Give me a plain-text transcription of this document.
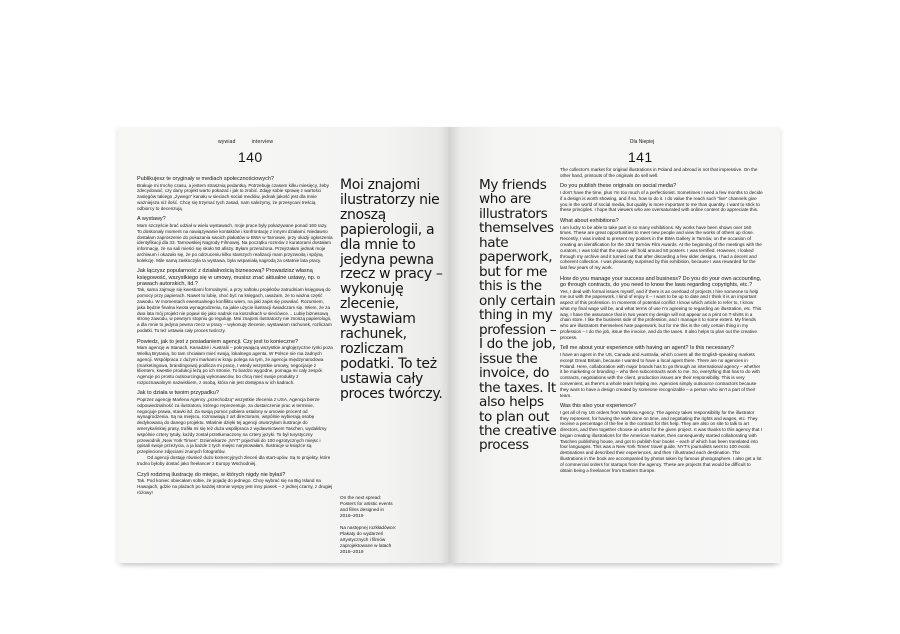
wywiad	interview
140
Publikujesz te oryginały w mediach społecznościowych?

Brakuje mi trochę czasu, a jestem strasznią pedantką. Potrzebuję czasem kilku miesięcy, żeby zdecydować, czy dany projekt warto pokazać i jak to zrobić. Zdaję sobie sprawę z wartości zasięgów takiego „żywego” kanału w sieciach social mediów, jednak jakość jest dla mnie ważniejsza niż ilość. Chcę się trzymać tych zasad, nam należymy, że przesycani treścią odbiorcy to decenzują.

A wystawy?

Mam szczęście brać udział w wielu wystawach, moje prace były pokazywane ponad 160 razy. To doskonały moment na nawiązywanie kontaktów i konfrontację z innymi działami. Niedawno dostałam zaproszenie do pokazania swoich plakatów w BWA w Tarnowie, przy okazji ogłoszenia identyfikacji dla 33. Tarnowskiej Nagrody Filmowej. Na początku rozmów z kuratorami dostałam informację, że na sali mieści się około 50 afiszy. Byłam przerażona. Przejrzałam jednak moje archiwum i okazało się, że po odrzuceniu kilku starszych realizacji mam przyzwoitą i spójną kolekcję. Mile samą zaskoczyła ta wystawa, była wspaniałą nagrodą za ostatnie lata pracy.

Jak łączysz popularność z działalnością biznesową? Prowadzisz własną księgowość, wszystkiego się w umowy, musisz znać aktualne ustawy, np. o prawach autorskich, itd.?

Tak, sama zajmuję się kwestiami formalnymi, a przy naftoku projektów zatrudniam księgową do pomocy przy papierach. Nawet to lubię, choć być na księgach, uważam, że to ważna część zawodu. W momentach ewentualnego konfliktu wiem, na jaki zapis się powołać. Rozumiem, jaka będzie finalna kwota wynagrodzenia, na jakie użycie ilustracji świadczam się. Wiem, że za dwa lata mój projekt nie pojawi się jako nadruk na koszulkach w sieciówce… Lubię biznesową stronę zawodu, w pewnym stopniu go reguluję. Moi znajomi ilustratorzy nie znoszą papierologii, a dla mnie to jedyna pewna rzecz w pracy – wykonuję zlecenie, wystawiam rachunek, rozliczam podatki. To też ustawia cały proces twórczy.

Powiedz, jak to jest z posiadaniem agencji. Czy jest to konieczne?

Mam agencję w Stanach, Kanadzie i Australii – pokrywającą wszystkie anglojęzyczne rynki poza Wielką Brytanią, bo tam chciałam mieć swoją, lokalnego agenta. W Polsce nie ma żadnych agencji. Współpraca z dużymi markami w kraju polega na tym, że agencja międzynarodowa (marketingowa, brandingowa) podlicza mi pracę, I wtedy wszystkie umowy, negocjacje z klientem, kwestie produkcji leżą po ich stronie. To bardzo wygodne, pomaga mi cały zespół. Agencje po prostu outsourcingują wykonawców, bo chcą mieć swoje produkty z rozpoznawalnym nazwiskiem, z osobą, która nie jest dostępna w ich kadrach.

Jak to działa w twoim przypadku?

Poprzez agencję Marlena Agency „przechodzą” wszystkie zlecenia z USA. Agencja bierze odpowiedzialność za ilustratora, którego reprezentuje, za dostarczenie prac w terminie, negocjuje prawa, stawki itd. Za swoją pomoc pobiera ustalony w umowie procent od wynagrodzenia. Są na miejscu, rozmawiają z art directorami, wspólnie wybierają osobę dedykowaną do danego projektu. Właśnie dzięki tej agencji otworzyłam ilustracje do amerykańskiej prasy, trafiła mi się też duża współpraca z wydawnictwem Taschen, wydaliśmy wspólnie cztery tytuły, każdy został przetłumaczony na cztery języki. To był turystyczny przewodnik „New York Times”. Dziennikarze „NYT” pojechali do 100 egzotycznych miejsc i opisali swoje przeżycia, a ja każde z tych miejsc narysowałam. Ilustracje w książce są przeplecione zdjęciami znanych fotografów.

Od agencji dostaję również dużo komercyjnych zleceń dla start-upów. Są to projekty, które trudno byłoby dostać jako freelancer z Europy Wschodniej.

Czyli rodzimą ilustrację do miejsc, w których nigdy nie byłaś?

Tak. Pod koniec obiecałam sobie, że pojadę do jednego. Chcę wybrać się na Big Island na Hawajach, gdzie na plażach po każdej stronie wyspy jest inny piasek – z jednej czarny, z drugiej różowy!

Moi znajomi ilustratorzy nie znoszą papierologii, a dla mnie to jedyna pewna rzecz w pracy – wykonuję zlecenie, wystawiam rachunek, rozliczam podatki. To też ustawia cały proces twórczy.
On the next spread:
Posters for artistic events
and films designed in
2016–2019

Na następnej rozkładówce:
Plakaty do wydarzeń
artystycznych i filmów
zaprojektowane w latach
2016–2019
My friends who are illustrators themselves hate paperwork, but for me this is the only certain thing in my profession – I do the job, issue the invoice, do the taxes. It also helps to plan out the creative process
Dla Niepiej
141

The collector's market for original illustrations in Poland and abroad is not that impressive. On the other hand, printouts of the originals do sell well.

Do you publish these originals on social media?

I don't have the time, plus I'm too much of a perfectionist. Sometimes I need a few months to decide if a design is worth showing, and if so, how to do it. I do value the reach such “live” channels give you in the world of social media, but quality is more important to me than quantity. I want to stick to these principles. I hope that viewers who are oversaturated with online content do appreciate this.

What about exhibitions?

I am lucky to be able to take part in so many exhibitions. My works have been shown over 160 times. These are great opportunities to meet new people and view the works of others up close. Recently, I was invited to present my posters in the BWA Gallery in Tarnów, on the occasion of creating an identification for the 33rd Tarnów Film Awards. At the beginning of the meetings with the curators, I was told that the space will hold around 50 posters. I was terrified. However, I looked through my archive and it turned out that after discarding a few older designs, I had a decent and coherent collection. I was pleasantly surprised by this exhibition, because I was rewarded for the last few years of my work.

How do you manage your success and business? Do you do your own accounting, go through contracts, do you need to know the laws regarding copyrights, etc.?

Yes, I deal with formal issues myself, and if there is an overload of projects I hire someone to help me out with the paperwork. I kind of enjoy it – I want to be up to date and I think it is an important aspect of this profession. In moments of potential conflict I know which article to refer to, I know what my final wage will be, and what terms of use I'm agreeing to regarding an illustration, etc. This way, I have the assurance that in two years my design will not appear as a print on T-shirts in a chain store. I like the business side of the profession, and I manage it to some extent. My friends who are illustrators themselves hate paperwork, but for me this is the only certain thing in my profession – I do the job, issue the invoice, and do the taxes. It also helps to plan out the creative process.

Tell me about your experience with having an agent? Is this necessary?

I have an agent in the US, Canada and Australia, which covers all the English-speaking markets except Great Britain, because I wanted to have a local agent there. There are no agencies in Poland. Here, collaboration with major brands has to go through an international agency – whether it be marketing or branding – who then subcontracts work to me. So, everything that has to do with contracts, negotiations with the client, production issues are their responsibility. This is very convenient, as there's a whole team helping me. Agencies simply outsource contractors because they want to have a design created by someone recognizable – a person who isn't a part of their team.

Was this also your experience?

I get all of my US orders from Marlena Agency. The agency takes responsibility for the illustrator they represent, for having the work done on time, and negotiating the rights and wages, etc. They receive a percentage of the fee in the contract for this help. They are also on site to talk to art directors, and then together choose an artist for the given project. It was thanks to this agency that I began creating illustrations for the American market, then consequently started collaborating with Taschen publishing house, and got to publish four books – each of which has been translated into four languages. This was a New York Times' travel guide. NYT's journalists went to 100 exotic destinations and described their experiences, and then I illustrated each destination. The illustrations in the book are accompanied by photos taken by famous photographers. I also get a lot of commercial orders for startups from the agency. These are projects that would be difficult to obtain being a freelancer from Eastern Europe.
